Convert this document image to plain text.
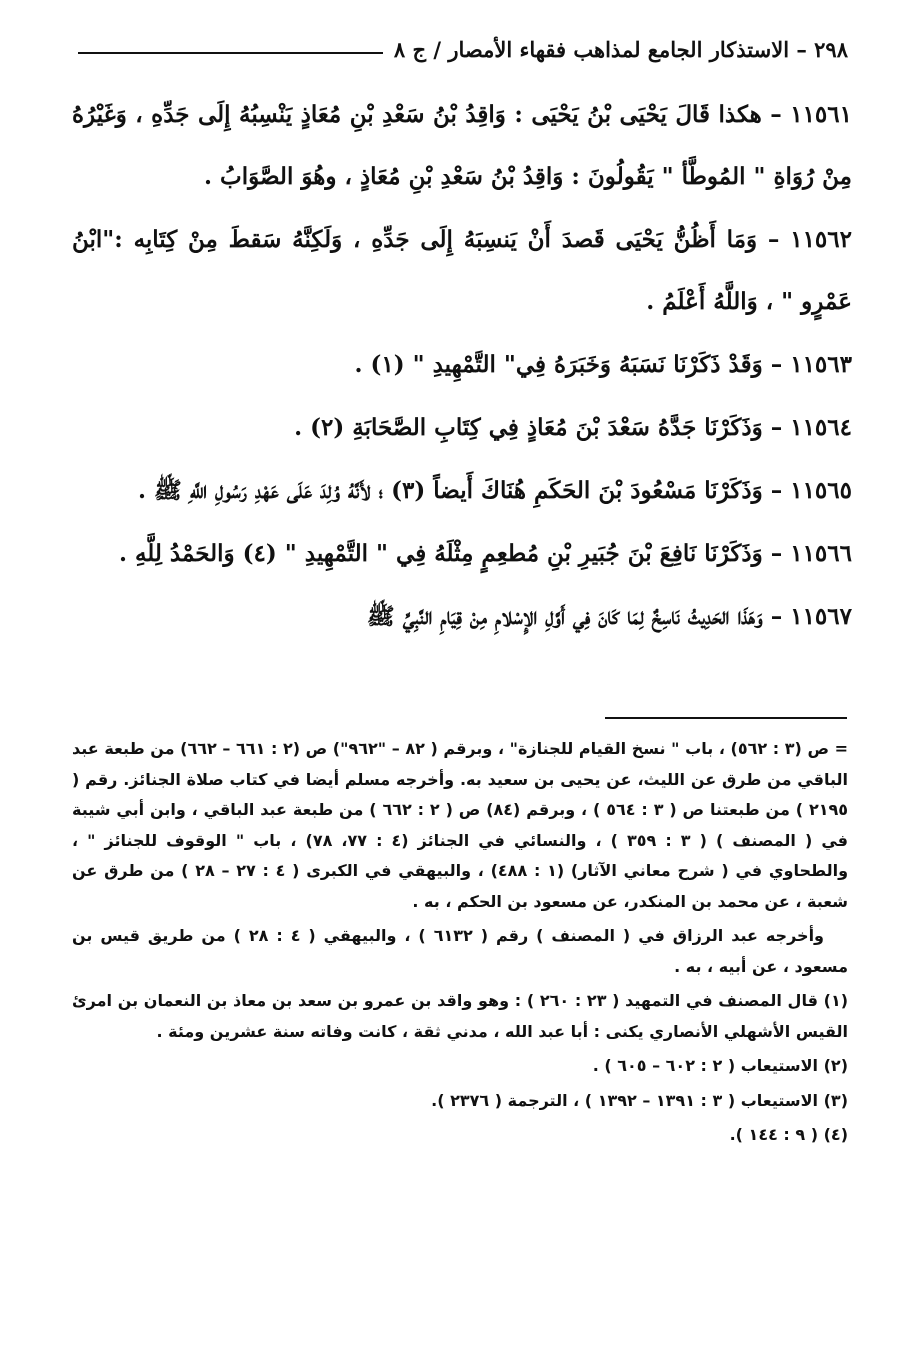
٢٩٨ – الاستذكار الجامع لمذاهب فقهاء الأمصار / ج ٨

١١٥٦١ – هكذا قَالَ يَحْيَى بْنُ يَحْيَى : وَاقِدُ بْنُ سَعْدِ بْنِ مُعَاذٍ يَنْسِبُهُ إِلَى جَدِّهِ ، وَغَيْرُهُ مِنْ رُوَاةِ " المُوطَّأ " يَقُولُونَ : وَاقِدُ بْنُ سَعْدِ بْنِ مُعَاذٍ ، وهُوَ الصَّوَابُ .

١١٥٦٢ – وَمَا أَظُنُّ يَحْيَى قَصدَ أَنْ يَنسِبَهُ إِلَى جَدِّهِ ، وَلَكِنَّهُ سَقطَ مِنْ كِتَابِه :"ابْنُ عَمْرٍو " ، وَاللَّهُ أَعْلَمُ .

١١٥٦٣ – وَقَدْ ذَكَرْنَا نَسَبَهُ وَخَبَرَهُ فِي" التَّمْهِيدِ " (١) .

١١٥٦٤ – وَذَكَرْنَا جَدَّهُ سَعْدَ بْنَ مُعَاذٍ فِي كِتَابِ الصَّحَابَةِ (٢) .

١١٥٦٥ – وَذَكَرْنَا مَسْعُودَ بْنَ الحَكَمِ هُنَاكَ أَيضاً (٣) ؛ لأَنَّهُ وُلِدَ عَلَى عَهْدِ رَسُولِ اللَّهِ ﷺ .

١١٥٦٦ – وَذَكَرْنَا نَافِعَ بْنَ جُبَيرِ بْنِ مُطعِمٍ مِثْلَهُ فِي " التَّمْهِيدِ " (٤) وَالحَمْدُ لِلَّهِ .

١١٥٦٧ – وَهَذَا الحَدِيثُ نَاسِخٌ لِمَا كَانَ فِي أَوَّلِ الإِسْلامِ مِنْ قِيَامِ النَّبِيِّ ﷺ

= ص (٣ : ٥٦٢) ، باب " نسخ القيام للجنازة" ، وبرقم ( ٨٢ – "٩٦٢") ص (٢ : ٦٦١ – ٦٦٢) من طبعة عبد الباقي من طرق عن الليث، عن يحيى بن سعيد به. وأخرجه مسلم أيضا في كتاب صلاة الجنائز. رقم ( ٢١٩٥ ) من طبعتنا ص ( ٣ : ٥٦٤ ) ، وبرقم (٨٤) ص ( ٢ : ٦٦٢ ) من طبعة عبد الباقي ، وابن أبي شيبة في ( المصنف ) ( ٣ : ٣٥٩ ) ، والنسائي في الجنائز (٤ : ٧٧، ٧٨) ، باب " الوقوف للجنائز " ، والطحاوي في ( شرح معاني الآثار) (١ : ٤٨٨) ، والبيهقي في الكبرى ( ٤ : ٢٧ – ٢٨ ) من طرق عن شعبة ، عن محمد بن المنكدر، عن مسعود بن الحكم ، به .

وأخرجه عبد الرزاق في ( المصنف ) رقم ( ٦١٣٢ ) ، والبيهقي ( ٤ : ٢٨ ) من طريق قيس بن مسعود ، عن أبيه ، به .

(١) قال المصنف في التمهيد ( ٢٣ : ٢٦٠ ) : وهو واقد بن عمرو بن سعد بن معاذ بن النعمان بن امرئ القيس الأشهلي الأنصاري يكنى : أبا عبد الله ، مدني ثقة ، كانت وفاته سنة عشرين ومئة .

(٢) الاستيعاب ( ٢ : ٦٠٢ – ٦٠٥ ) .

(٣) الاستيعاب ( ٣ : ١٣٩١ – ١٣٩٢ ) ، الترجمة ( ٢٣٧٦ ).

(٤) ( ٩ : ١٤٤ ).
